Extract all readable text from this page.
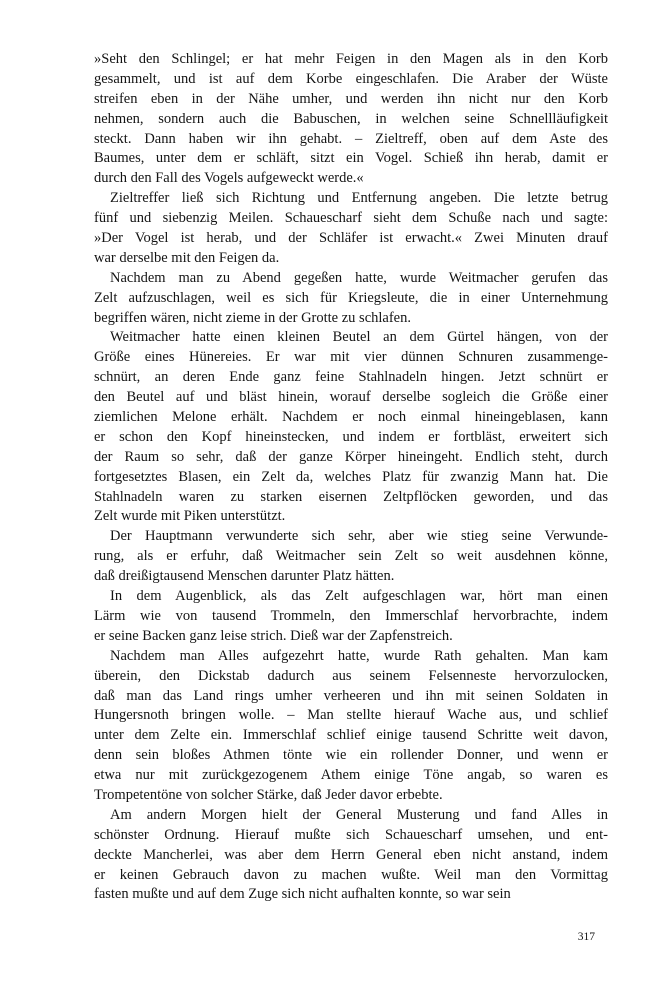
»Seht den Schlingel; er hat mehr Feigen in den Magen als in den Korb
gesammelt, und ist auf dem Korbe eingeschlafen. Die Araber der Wüste
streifen eben in der Nähe umher, und werden ihn nicht nur den Korb
nehmen, sondern auch die Babuschen, in welchen seine Schnellläufigkeit
steckt. Dann haben wir ihn gehabt. – Zieltreff, oben auf dem Aste des
Baumes, unter dem er schläft, sitzt ein Vogel. Schieß ihn herab, damit er
durch den Fall des Vogels aufgeweckt werde.«
Zieltreffer ließ sich Richtung und Entfernung angeben. Die letzte betrug
fünf und siebenzig Meilen. Schauescharf sieht dem Schuße nach und sagte:
»Der Vogel ist herab, und der Schläfer ist erwacht.« Zwei Minuten drauf
war derselbe mit den Feigen da.
Nachdem man zu Abend gegeßen hatte, wurde Weitmacher gerufen das
Zelt aufzuschlagen, weil es sich für Kriegsleute, die in einer Unternehmung
begriffen wären, nicht zieme in der Grotte zu schlafen.
Weitmacher hatte einen kleinen Beutel an dem Gürtel hängen, von der
Größe eines Hünereies. Er war mit vier dünnen Schnuren zusammenge-
schnürt, an deren Ende ganz feine Stahlnadeln hingen. Jetzt schnürt er
den Beutel auf und bläst hinein, worauf derselbe sogleich die Größe einer
ziemlichen Melone erhält. Nachdem er noch einmal hineingeblasen, kann
er schon den Kopf hineinstecken, und indem er fortbläst, erweitert sich
der Raum so sehr, daß der ganze Körper hineingeht. Endlich steht, durch
fortgesetztes Blasen, ein Zelt da, welches Platz für zwanzig Mann hat. Die
Stahlnadeln waren zu starken eisernen Zeltpflöcken geworden, und das
Zelt wurde mit Piken unterstützt.
Der Hauptmann verwunderte sich sehr, aber wie stieg seine Verwunde-
rung, als er erfuhr, daß Weitmacher sein Zelt so weit ausdehnen könne,
daß dreißigtausend Menschen darunter Platz hätten.
In dem Augenblick, als das Zelt aufgeschlagen war, hört man einen
Lärm wie von tausend Trommeln, den Immerschlaf hervorbrachte, indem
er seine Backen ganz leise strich. Dieß war der Zapfenstreich.
Nachdem man Alles aufgezehrt hatte, wurde Rath gehalten. Man kam
überein, den Dickstab dadurch aus seinem Felsenneste hervorzulocken,
daß man das Land rings umher verheeren und ihn mit seinen Soldaten in
Hungersnoth bringen wolle. – Man stellte hierauf Wache aus, und schlief
unter dem Zelte ein. Immerschlaf schlief einige tausend Schritte weit davon,
denn sein bloßes Athmen tönte wie ein rollender Donner, und wenn er
etwa nur mit zurückgezogenem Athem einige Töne angab, so waren es
Trompetentöne von solcher Stärke, daß Jeder davor erbebte.
Am andern Morgen hielt der General Musterung und fand Alles in
schönster Ordnung. Hierauf mußte sich Schauescharf umsehen, und ent-
deckte Mancherlei, was aber dem Herrn General eben nicht anstand, indem
er keinen Gebrauch davon zu machen wußte. Weil man den Vormittag
fasten mußte und auf dem Zuge sich nicht aufhalten konnte, so war sein
317
